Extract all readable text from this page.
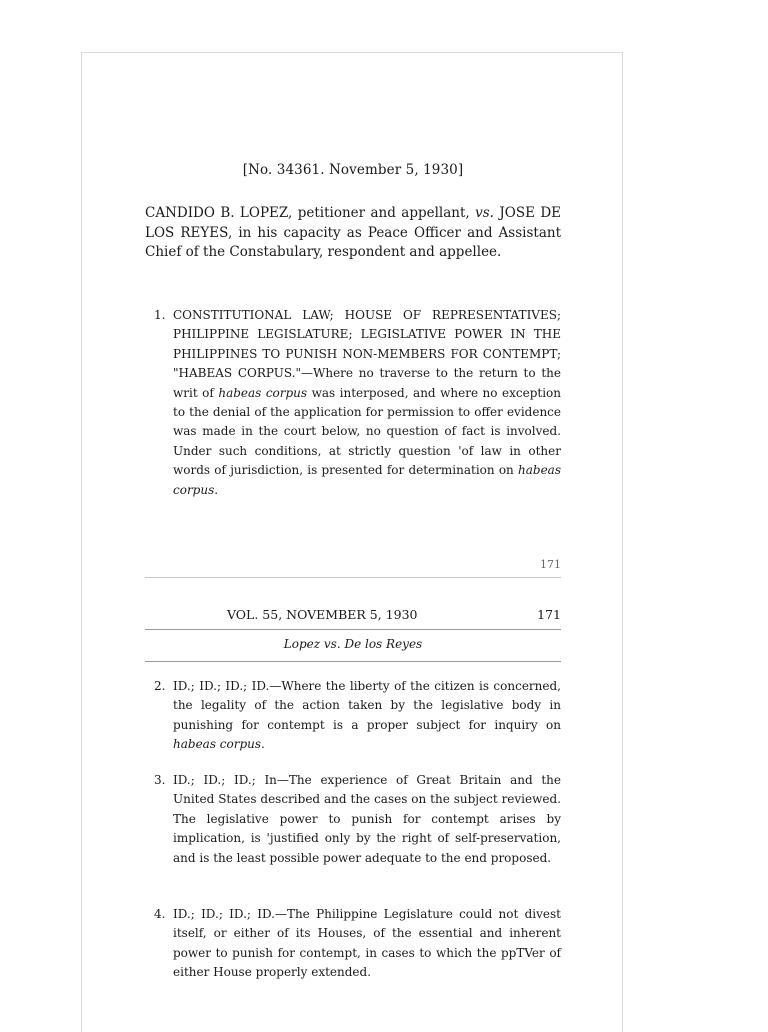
[No. 34361. November 5, 1930]
CANDIDO B. LOPEZ, petitioner and appellant, vs. JOSE DE LOS REYES, in his capacity as Peace Officer and Assistant Chief of the Constabulary, respondent and appellee.
1. CONSTITUTIONAL LAW; HOUSE OF REPRESENTATIVES; PHILIPPINE LEGISLATURE; LEGISLATIVE POWER IN THE PHILIPPINES TO PUNISH NON-MEMBERS FOR CONTEMPT; "HABEAS CORPUS."—Where no traverse to the return to the writ of habeas corpus was interposed, and where no exception to the denial of the application for permission to offer evidence was made in the court below, no question of fact is involved. Under such conditions, at strictly question 'of law in other words of jurisdiction, is presented for determination on habeas corpus.
171
VOL. 55, NOVEMBER 5, 1930	171
Lopez vs. De los Reyes
2. ID.; ID.; ID.; ID.—Where the liberty of the citizen is concerned, the legality of the action taken by the legislative body in punishing for contempt is a proper subject for inquiry on habeas corpus.
3. ID.; ID.; ID.; In—The experience of Great Britain and the United States described and the cases on the subject reviewed. The legislative power to punish for contempt arises by implication, is 'justified only by the right of self-preservation, and is the least possible power adequate to the end proposed.
4. ID.; ID.; ID.; ID.—The Philippine Legislature could not divest itself, or either of its Houses, of the essential and inherent power to punish for contempt, in cases to which the ppTVer of either House properly extended.
